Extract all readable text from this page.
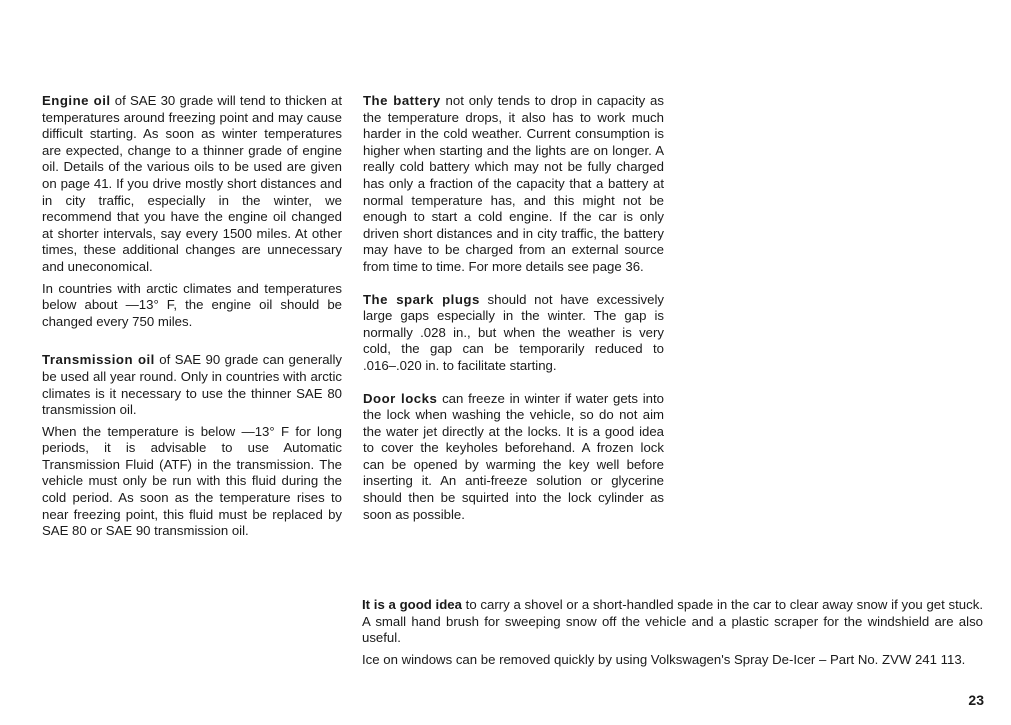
Engine oil of SAE 30 grade will tend to thicken at temperatures around freezing point and may cause difficult starting. As soon as winter temperatures are expected, change to a thinner grade of engine oil. Details of the various oils to be used are given on page 41. If you drive mostly short distances and in city traffic, especially in the winter, we recommend that you have the engine oil changed at shorter intervals, say every 1500 miles. At other times, these additional changes are unnecessary and uneconomical.

In countries with arctic climates and temperatures below about —13° F, the engine oil should be changed every 750 miles.

Transmission oil of SAE 90 grade can generally be used all year round. Only in countries with arctic climates is it necessary to use the thinner SAE 80 transmission oil.

When the temperature is below —13° F for long periods, it is advisable to use Automatic Transmission Fluid (ATF) in the transmission. The vehicle must only be run with this fluid during the cold period. As soon as the temperature rises to near freezing point, this fluid must be replaced by SAE 80 or SAE 90 transmission oil.

The battery not only tends to drop in capacity as the temperature drops, it also has to work much harder in the cold weather. Current consumption is higher when starting and the lights are on longer. A really cold battery which may not be fully charged has only a fraction of the capacity that a battery at normal temperature has, and this might not be enough to start a cold engine. If the car is only driven short distances and in city traffic, the battery may have to be charged from an external source from time to time. For more details see page 36.

The spark plugs should not have excessively large gaps especially in the winter. The gap is normally .028 in., but when the weather is very cold, the gap can be temporarily reduced to .016–.020 in. to facilitate starting.

Door locks can freeze in winter if water gets into the lock when washing the vehicle, so do not aim the water jet directly at the locks. It is a good idea to cover the keyholes beforehand. A frozen lock can be opened by warming the key well before inserting it. An anti-freeze solution or glycerine should then be squirted into the lock cylinder as soon as possible.

It is a good idea to carry a shovel or a short-handled spade in the car to clear away snow if you get stuck. A small hand brush for sweeping snow off the vehicle and a plastic scraper for the windshield are also useful.

Ice on windows can be removed quickly by using Volkswagen's Spray De-Icer – Part No. ZVW 241 113.

23
